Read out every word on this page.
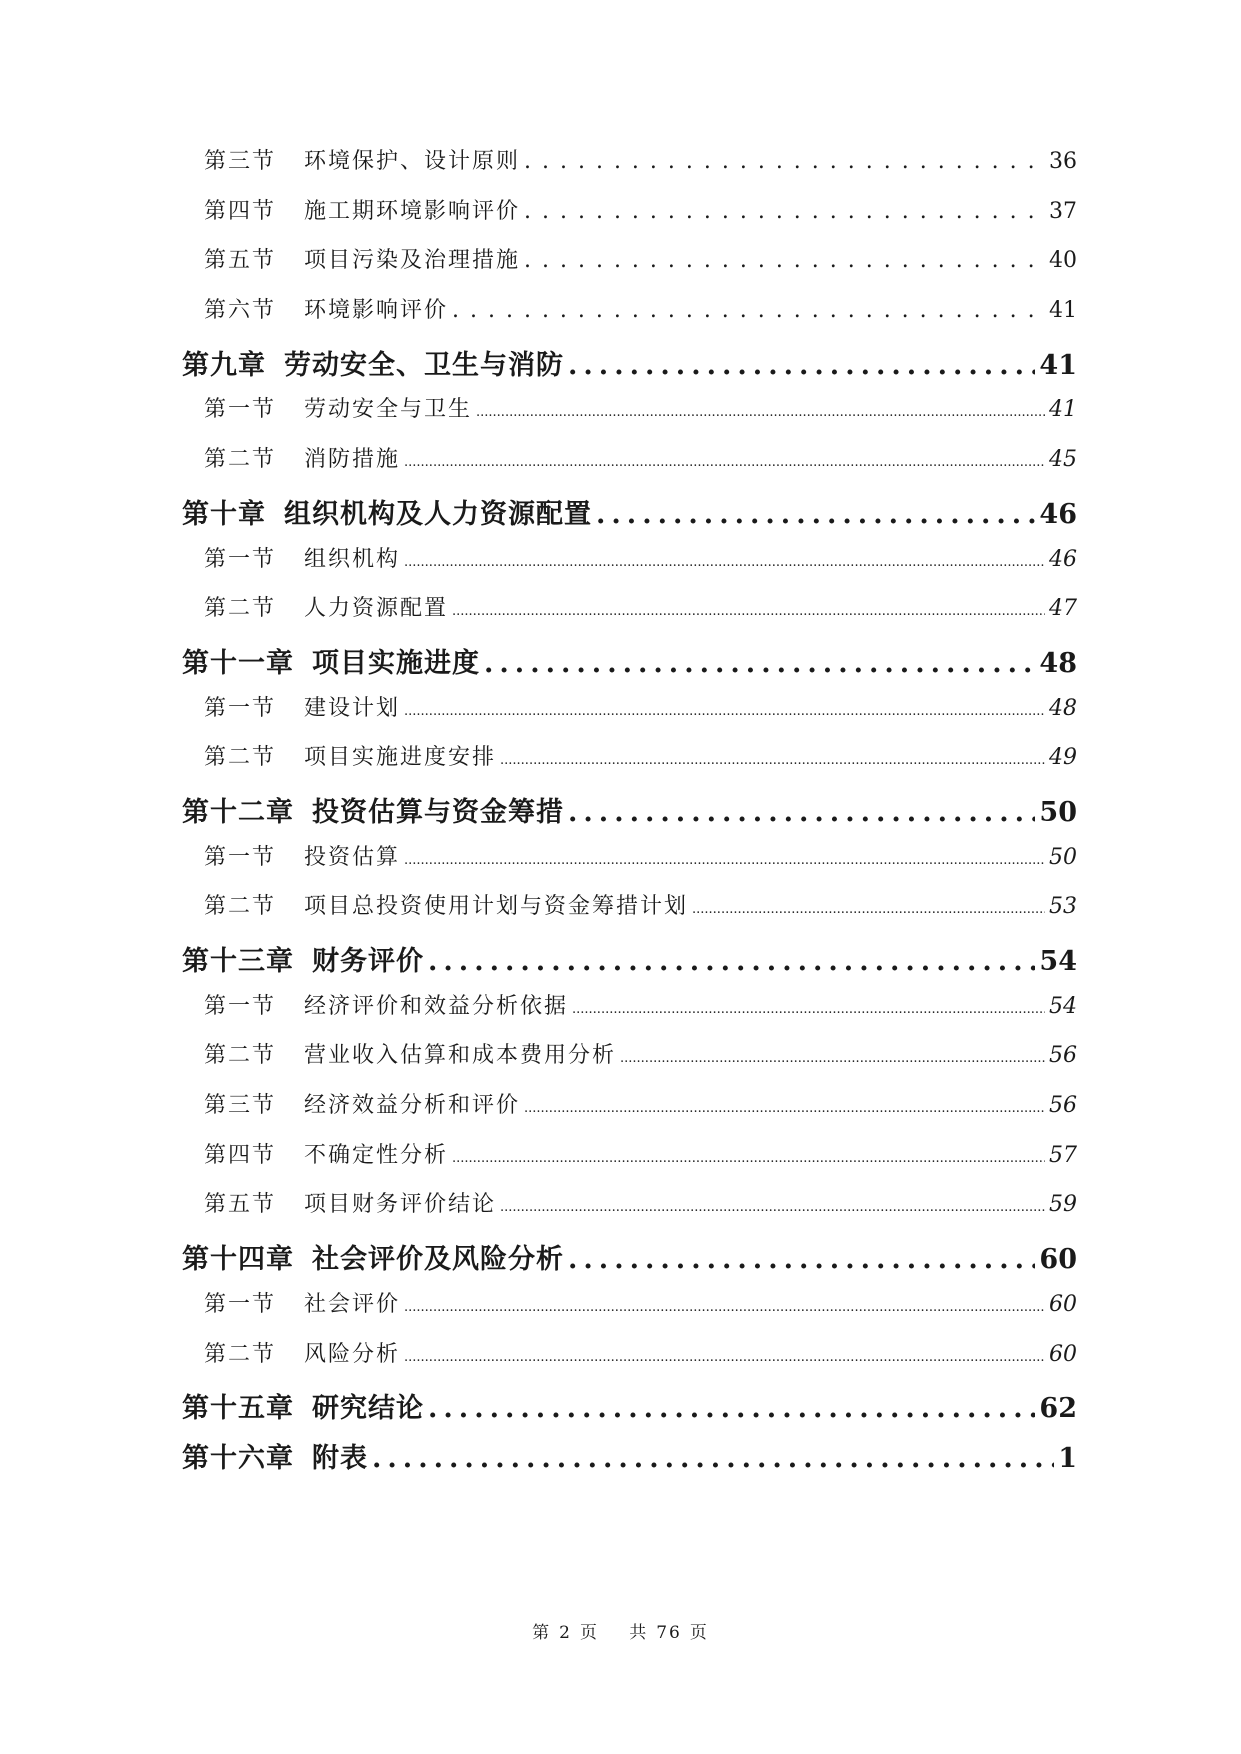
第三节	环境保护、设计原则 . . .	36
第四节	施工期环境影响评价 . . .	37
第五节	项目污染及治理措施 . . .	40
第六节	环境影响评价 . . .	41
第九章 劳动安全、卫生与消防 .....	41
第一节	劳动安全与卫生 .....	41
第二节	消防措施 .....	45
第十章 组织机构及人力资源配置 .....	46
第一节	组织机构 .....	46
第二节	人力资源配置 .....	47
第十一章 项目实施进度 .....	48
第一节	建设计划 .....	48
第二节	项目实施进度安排 .....	49
第十二章 投资估算与资金筹措 .....	50
第一节	投资估算 .....	50
第二节	项目总投资使用计划与资金筹措计划 .....	53
第十三章 财务评价 .....	54
第一节	经济评价和效益分析依据 .....	54
第二节	营业收入估算和成本费用分析 .....	56
第三节	经济效益分析和评价 .....	56
第四节	不确定性分析 .....	57
第五节	项目财务评价结论 .....	59
第十四章 社会评价及风险分析 .....	60
第一节	社会评价 .....	60
第二节	风险分析 .....	60
第十五章 研究结论 .....	62
第十六章 附表 .....	1
第 2 页 共 76 页
